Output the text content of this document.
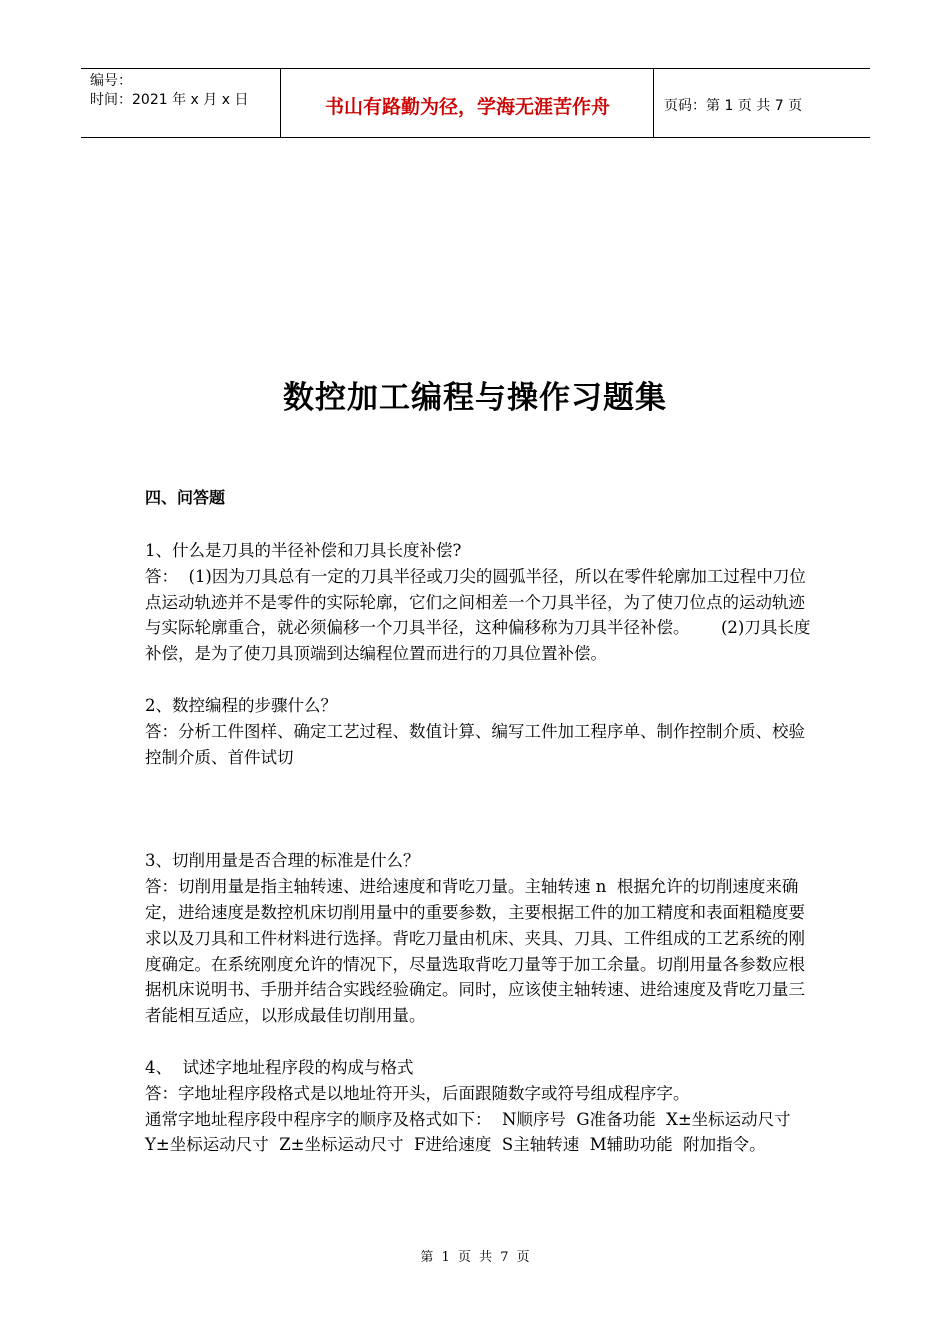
编号：
时间：2021 年 x 月 x 日	书山有路勤为径，学海无涯苦作舟	页码：第 1 页 共 7 页
数控加工编程与操作习题集

四、问答题

1、什么是刀具的半径补偿和刀具长度补偿?

答：  (1)因为刀具总有一定的刀具半径或刀尖的圆弧半径，所以在零件轮廓加工过程中刀位点运动轨迹并不是零件的实际轮廓，它们之间相差一个刀具半径，为了使刀位点的运动轨迹与实际轮廓重合，就必须偏移一个刀具半径，这种偏移称为刀具半径补偿。      (2)刀具长度补偿，是为了使刀具顶端到达编程位置而进行的刀具位置补偿。

2、数控编程的步骤什么？

答：分析工件图样、确定工艺过程、数值计算、编写工件加工程序单、制作控制介质、校验控制介质、首件试切

3、切削用量是否合理的标准是什么？

答：切削用量是指主轴转速、进给速度和背吃刀量。主轴转速 n  根据允许的切削速度来确定，进给速度是数控机床切削用量中的重要参数，主要根据工件的加工精度和表面粗糙度要求以及刀具和工件材料进行选择。背吃刀量由机床、夹具、刀具、工件组成的工艺系统的刚度确定。在系统刚度允许的情况下，尽量选取背吃刀量等于加工余量。切削用量各参数应根据机床说明书、手册并结合实践经验确定。同时，应该使主轴转速、进给速度及背吃刀量三者能相互适应，以形成最佳切削用量。

4、  试述字地址程序段的构成与格式

答：字地址程序段格式是以地址符开头，后面跟随数字或符号组成程序字。
通常字地址程序段中程序字的顺序及格式如下：  N顺序号  G准备功能  X±坐标运动尺寸  Y±坐标运动尺寸  Z±坐标运动尺寸  F进给速度  S主轴转速  M辅助功能  附加指令。

第 1 页 共 7 页
